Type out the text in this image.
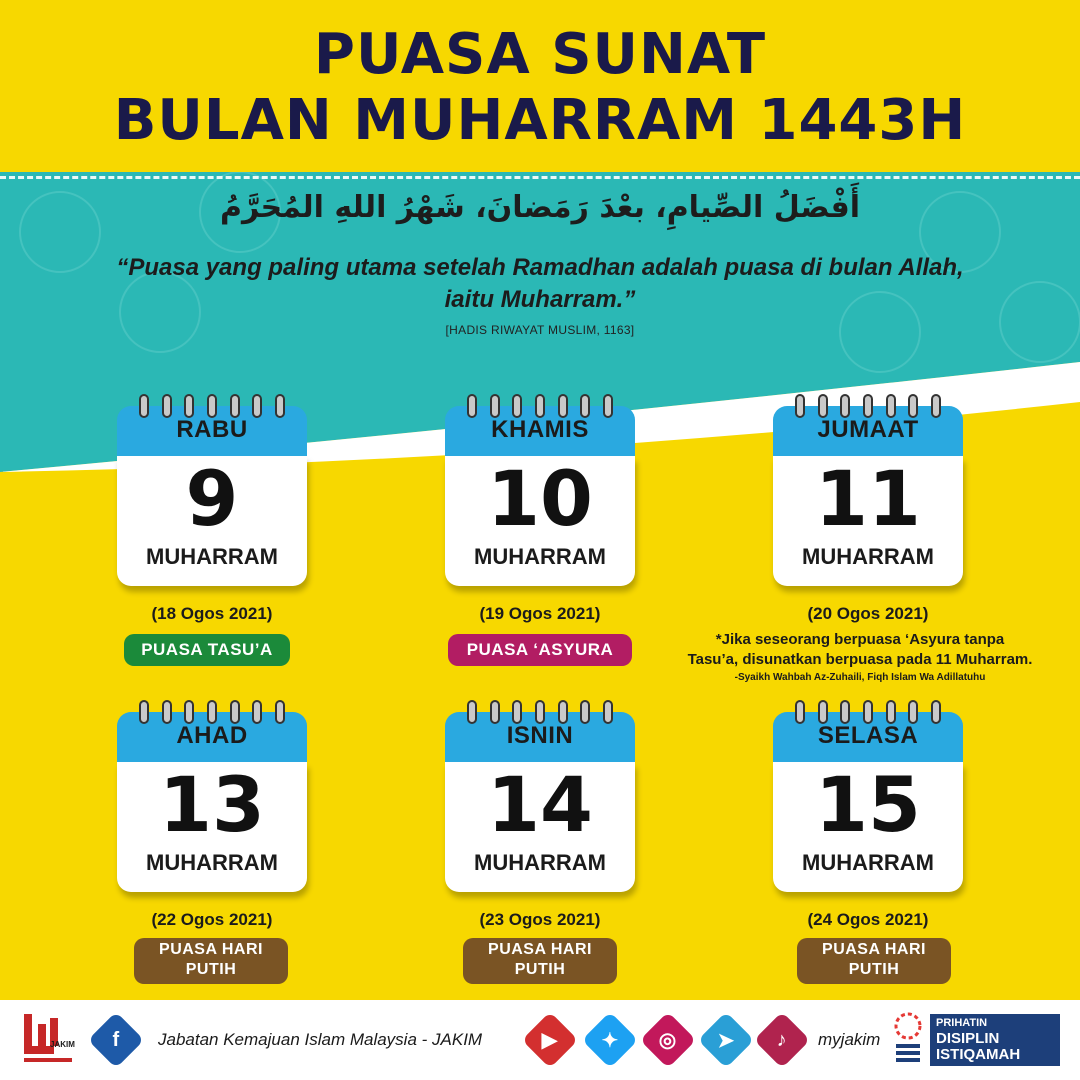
PUASA SUNAT
BULAN MUHARRAM 1443H
أَفْضَلُ الصِّيامِ، بعْدَ رَمَضانَ، شَهْرُ اللهِ المُحَرَّمُ
“Puasa yang paling utama setelah Ramadhan adalah puasa di bulan Allah,
iaitu Muharram.”
[HADIS RIWAYAT MUSLIM, 1163]
RABU
9
MUHARRAM
KHAMIS
10
MUHARRAM
JUMAAT
11
MUHARRAM
(18 Ogos 2021)	(19 Ogos 2021)	(20 Ogos 2021)
PUASA TASU’A	PUASA ‘ASYURA
*Jika seseorang berpuasa ‘Asyura tanpa
Tasu’a, disunatkan berpuasa pada 11 Muharram.
-Syaikh Wahbah Az-Zuhaili, Fiqh Islam Wa Adillatuhu
AHAD
13
MUHARRAM
ISNIN
14
MUHARRAM
SELASA
15
MUHARRAM
(22 Ogos 2021)	(23 Ogos 2021)	(24 Ogos 2021)
PUASA HARI
PUTIH
PUASA HARI
PUTIH
PUASA HARI
PUTIH
JAKIM f Jabatan Kemajuan Islam Malaysia - JAKIM	▶ ✦ ◎ ➤ ♪ myjakim
PRIHATIN
DISIPLIN
ISTIQAMAH
